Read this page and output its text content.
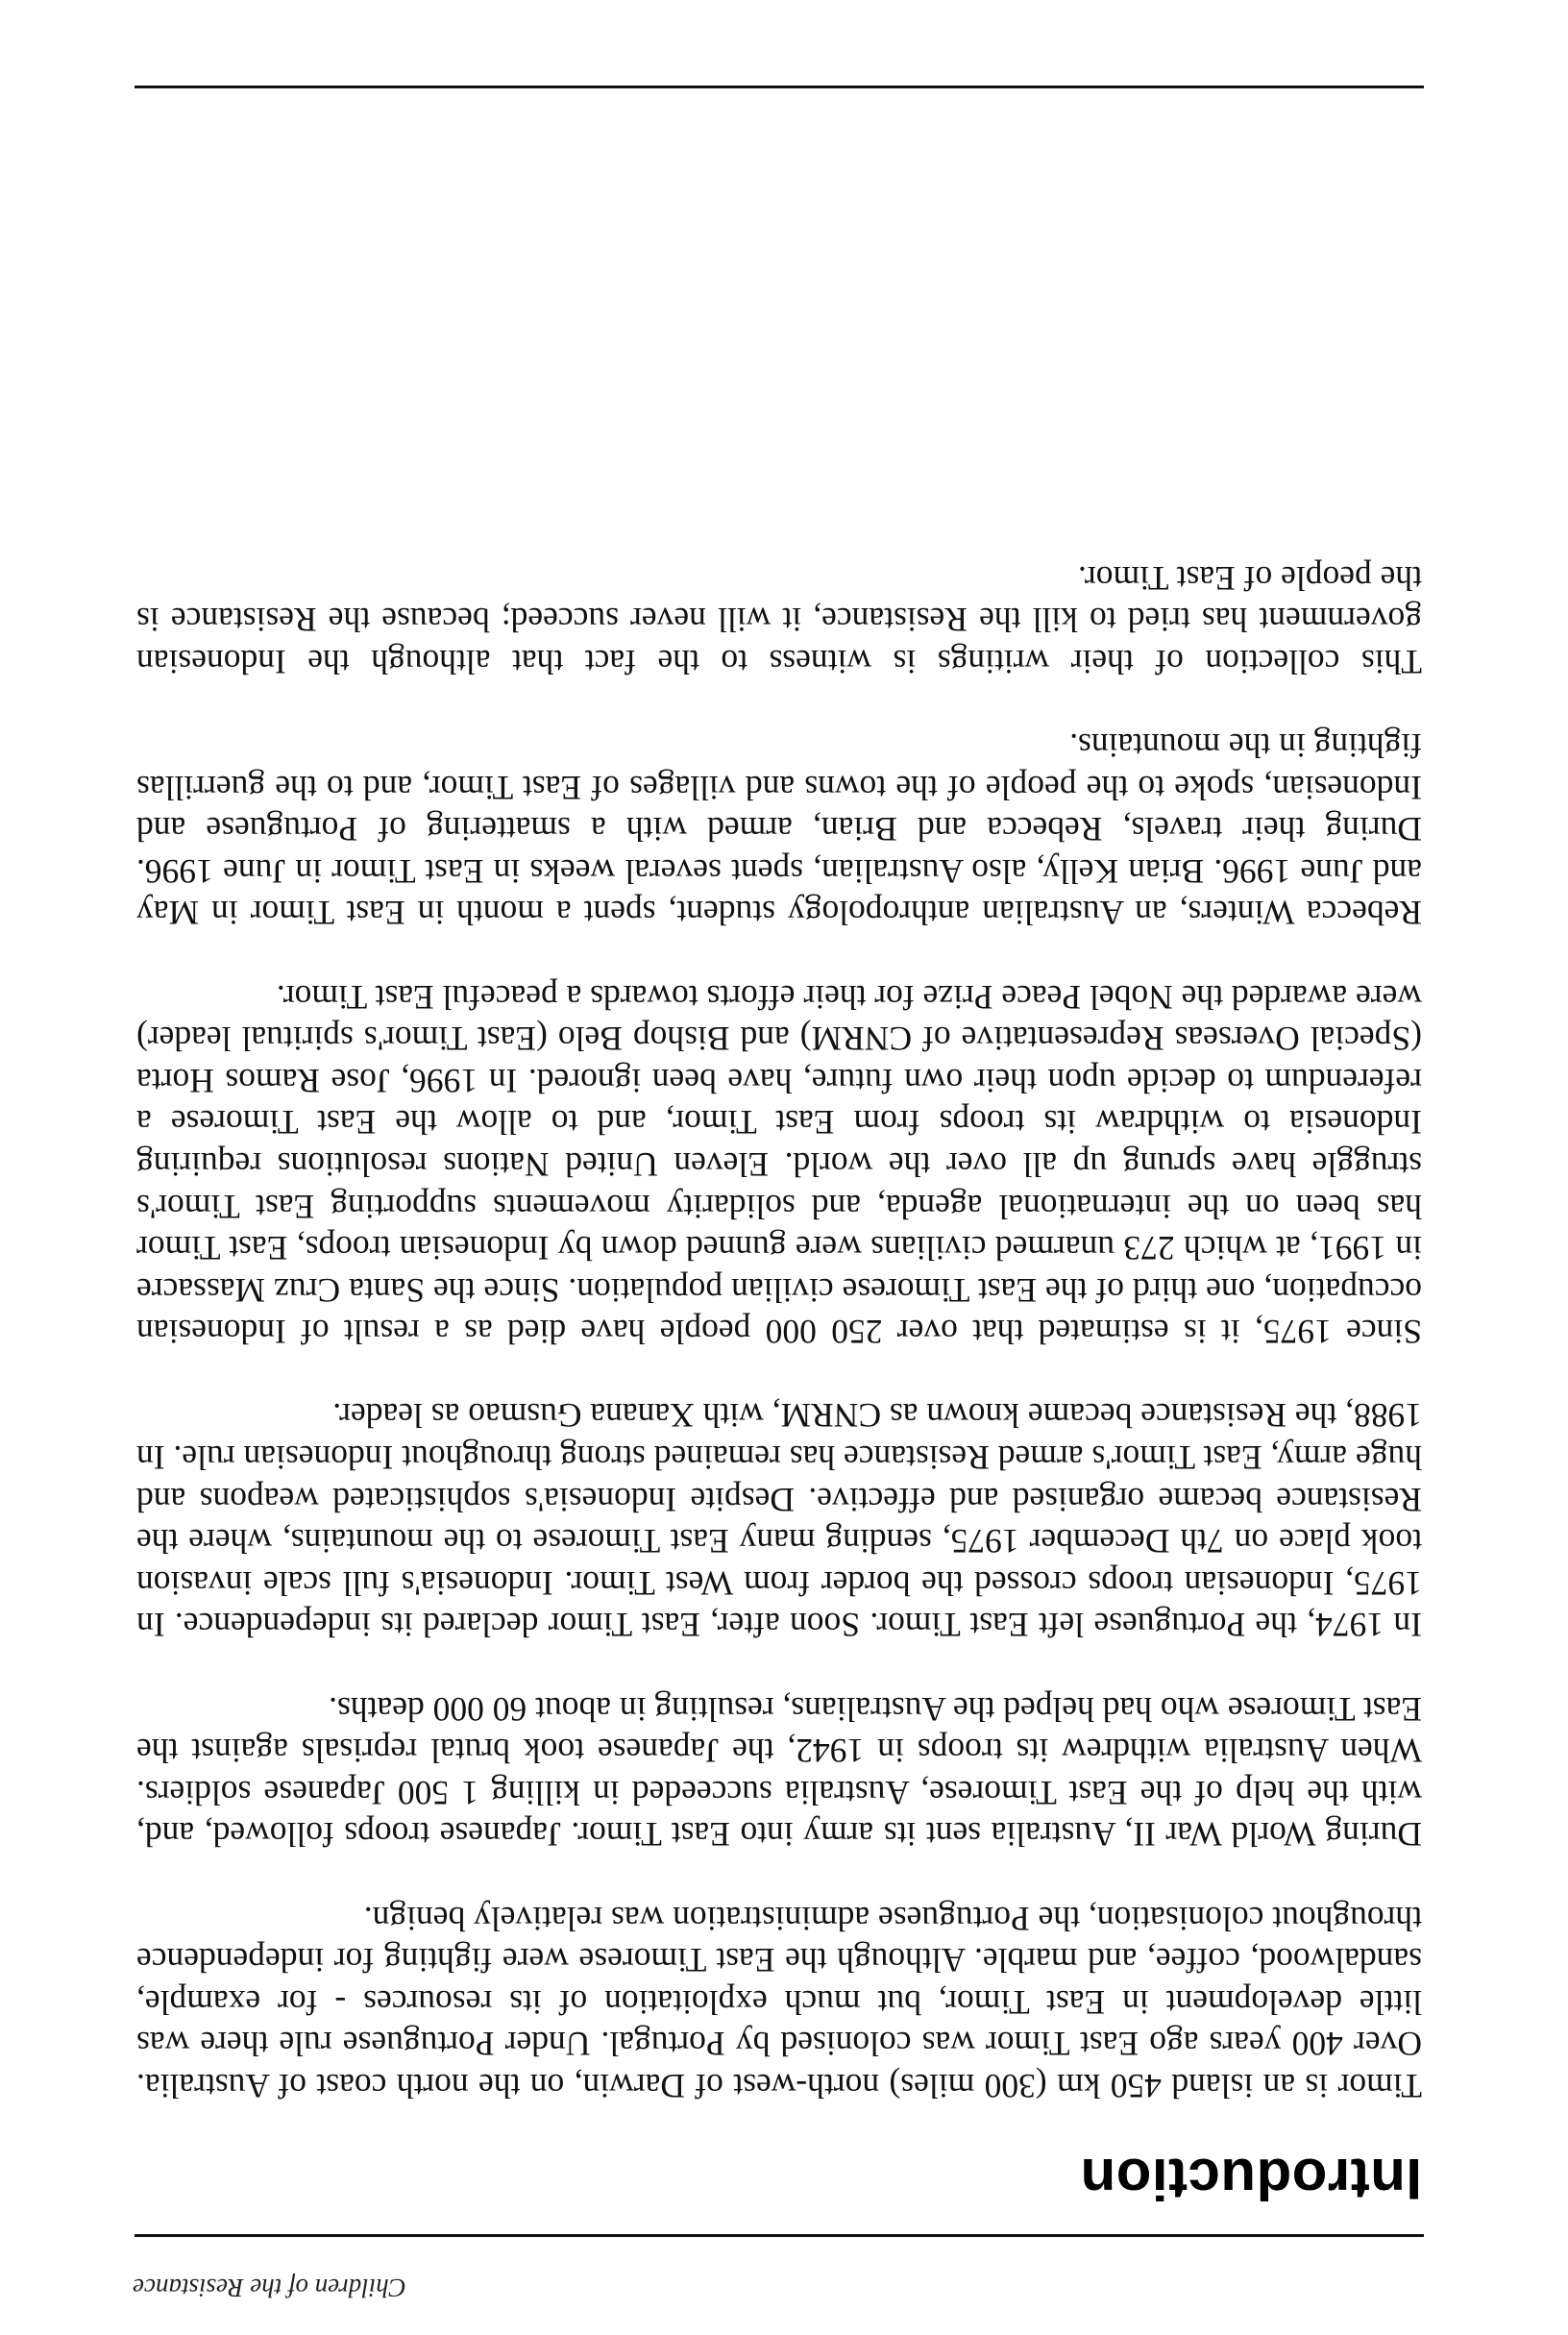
Children of the Resistance
Introduction

Timor is an island 450 km (300 miles) north-west of Darwin, on the north coast of Australia. Over 400 years ago East Timor was colonised by Portugal. Under Portuguese rule there was little development in East Timor, but much exploitation of its resources - for example, sandalwood, coffee, and marble. Although the East Timorese were fighting for independence throughout colonisation, the Portuguese administration was relatively benign.

During World War II, Australia sent its army into East Timor. Japanese troops followed, and, with the help of the East Timorese, Australia succeeded in killing 1 500 Japanese soldiers. When Australia withdrew its troops in 1942, the Japanese took brutal reprisals against the East Timorese who had helped the Australians, resulting in about 60 000 deaths.

In 1974, the Portuguese left East Timor. Soon after, East Timor declared its independence. In 1975, Indonesian troops crossed the border from West Timor. Indonesia's full scale invasion took place on 7th December 1975, sending many East Timorese to the mountains, where the Resistance became organised and effective. Despite Indonesia's sophisticated weapons and huge army, East Timor's armed Resistance has remained strong throughout Indonesian rule. In 1988, the Resistance became known as CNRM, with Xanana Gusmao as leader.

Since 1975, it is estimated that over 250 000 people have died as a result of Indonesian occupation, one third of the East Timorese civilian population. Since the Santa Cruz Massacre in 1991, at which 273 unarmed civilians were gunned down by Indonesian troops, East Timor has been on the international agenda, and solidarity movements supporting East Timor's struggle have sprung up all over the world. Eleven United Nations resolutions requiring Indonesia to withdraw its troops from East Timor, and to allow the East Timorese a referendum to decide upon their own future, have been ignored. In 1996, Jose Ramos Horta (Special Overseas Representative of CNRM) and Bishop Belo (East Timor's spiritual leader) were awarded the Nobel Peace Prize for their efforts towards a peaceful East Timor.

Rebecca Winters, an Australian anthropology student, spent a month in East Timor in May and June 1996. Brian Kelly, also Australian, spent several weeks in East Timor in June 1996. During their travels, Rebecca and Brian, armed with a smattering of Portuguese and Indonesian, spoke to the people of the towns and villages of East Timor, and to the guerrillas fighting in the mountains.

This collection of their writings is witness to the fact that although the Indonesian government has tried to kill the Resistance, it will never succeed; because the Resistance is the people of East Timor.
